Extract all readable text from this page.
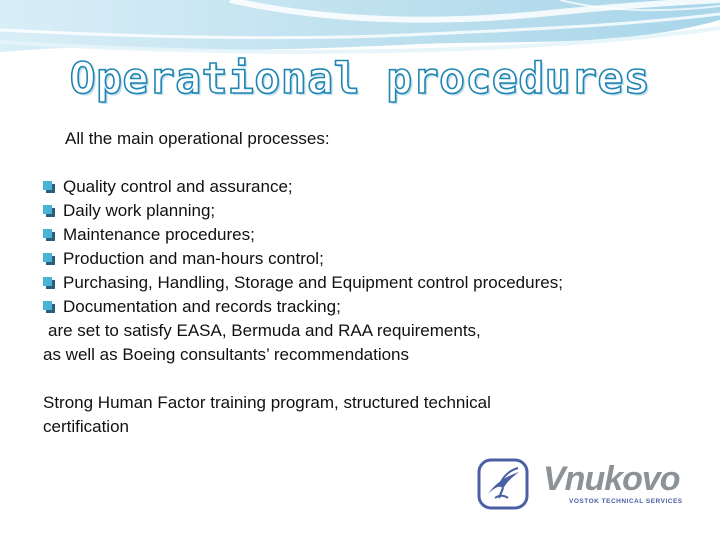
Operational procedures

All the main operational processes:

Quality control and assurance;
Daily work planning;
Maintenance procedures;
Production and man-hours control;
Purchasing, Handling, Storage and Equipment control procedures;
Documentation and records tracking;

are set to satisfy EASA, Bermuda and RAA requirements,

as well as Boeing consultants’ recommendations

Strong Human Factor training program, structured technical certification

Vnukovo
VOSTOK TECHNICAL SERVICES
